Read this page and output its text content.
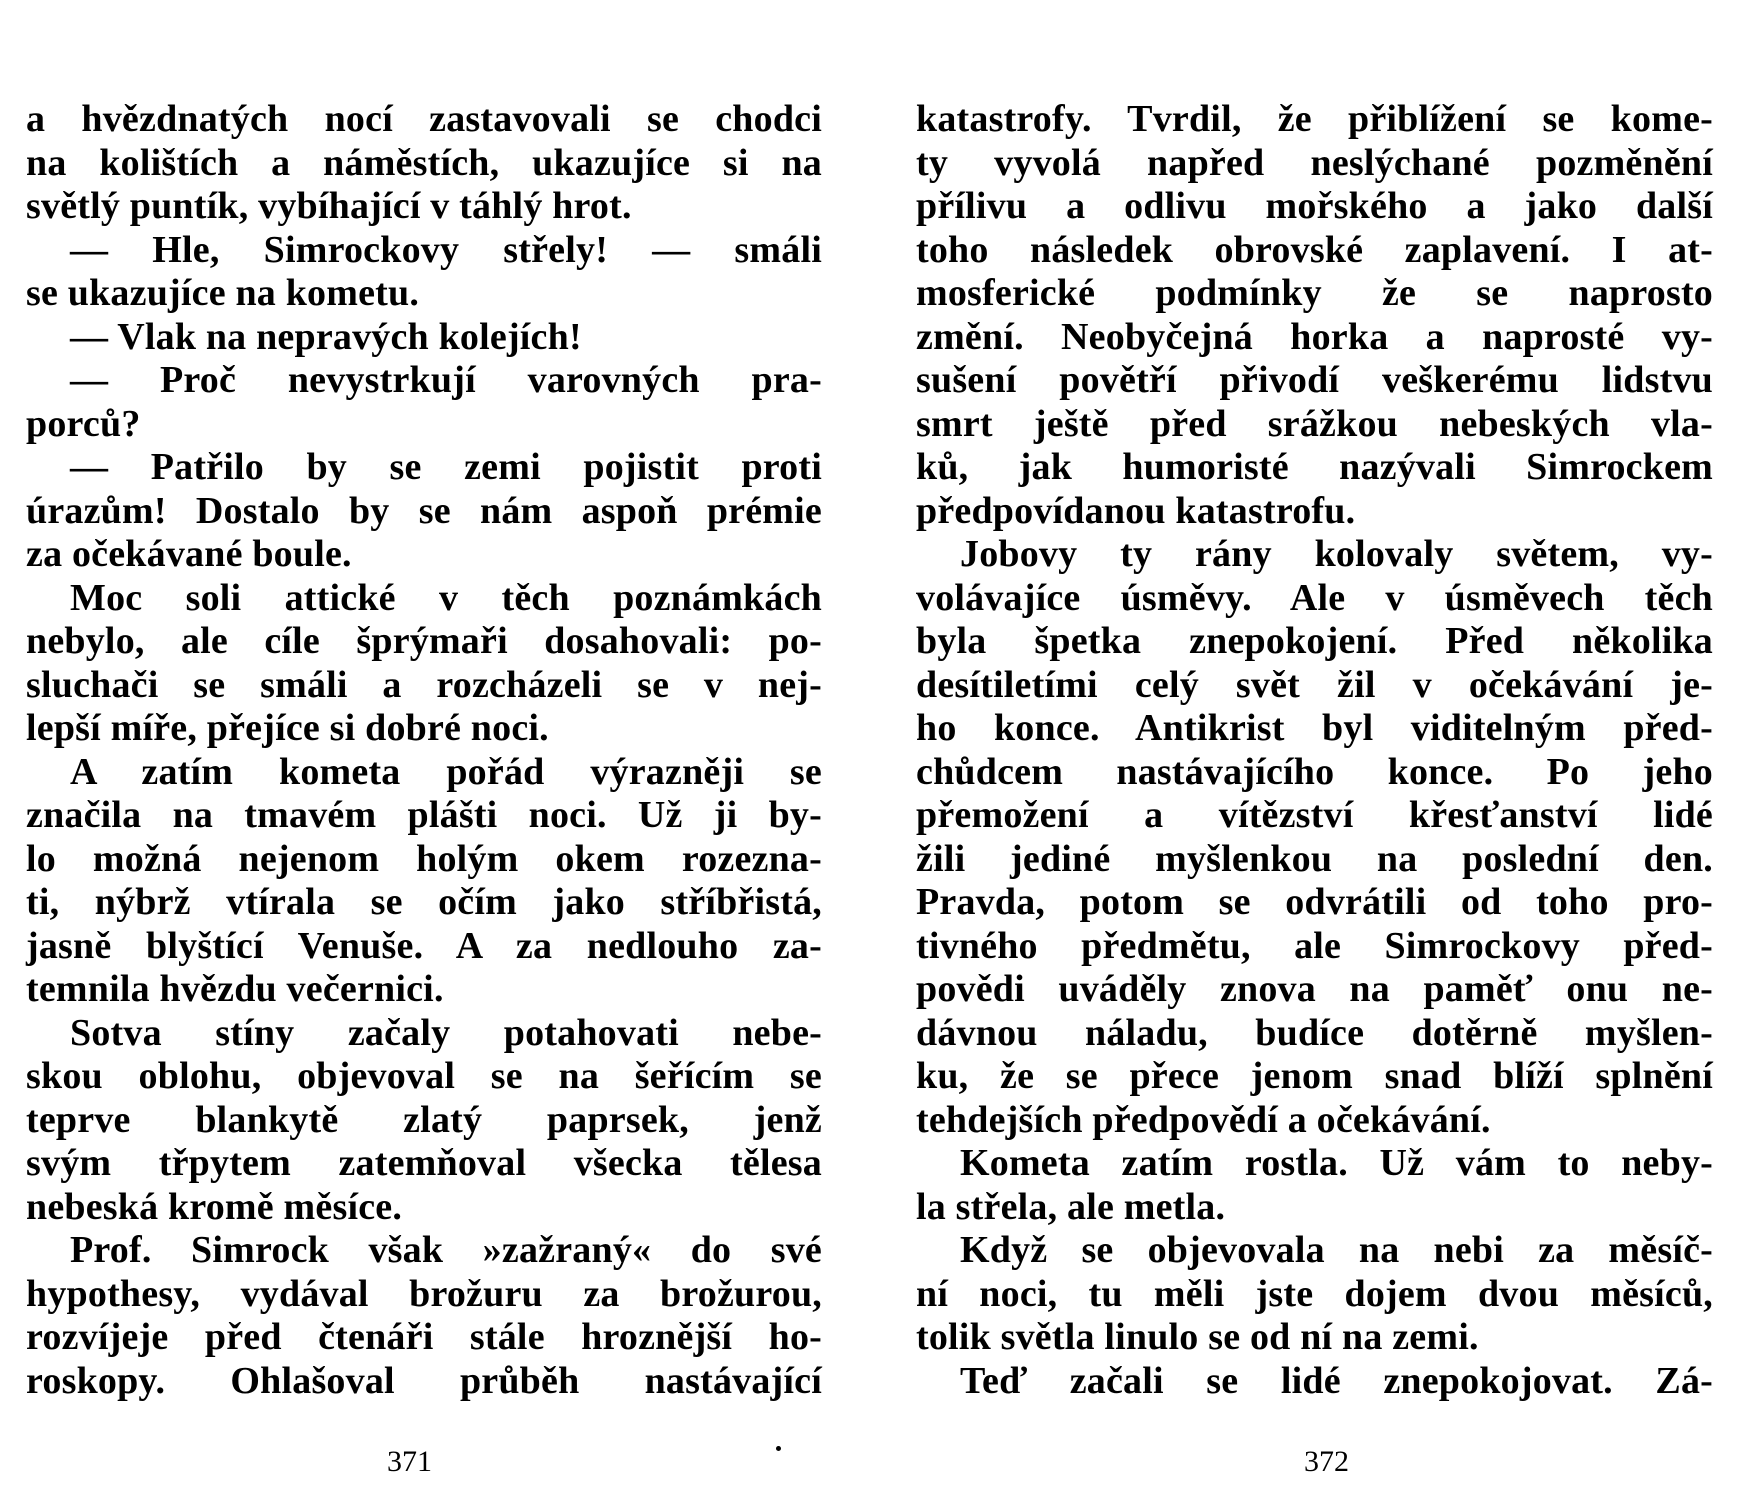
a hvězdnatých nocí zastavovali se chodci
na kolištích a náměstích, ukazujíce si na
světlý puntík, vybíhající v táhlý hrot.
— Hle, Simrockovy střely! — smáli
se ukazujíce na kometu.
— Vlak na nepravých kolejích!
— Proč nevystrkují varovných pra-
porců?
— Patřilo by se zemi pojistit proti
úrazům! Dostalo by se nám aspoň prémie
za očekávané boule.
Moc soli attické v těch poznámkách
nebylo, ale cíle šprýmaři dosahovali: po-
sluchači se smáli a rozcházeli se v nej-
lepší míře, přejíce si dobré noci.
A zatím kometa pořád výrazněji se
značila na tmavém plášti noci. Už ji by-
lo možná nejenom holým okem rozezna-
ti, nýbrž vtírala se očím jako stříbřistá,
jasně blyštící Venuše. A za nedlouho za-
temnila hvězdu večernici.
Sotva stíny začaly potahovati nebe-
skou oblohu, objevoval se na šeřícím se
teprve blankytě zlatý paprsek, jenž
svým třpytem zatemňoval všecka tělesa
nebeská kromě měsíce.
Prof. Simrock však »zažraný« do své
hypothesy, vydával brožuru za brožurou,
rozvíjeje před čtenáři stále hroznější ho-
roskopy. Ohlašoval průběh nastávající
371
katastrofy. Tvrdil, že přiblížení se kome-
ty vyvolá napřed neslýchané pozměnění
přílivu a odlivu mořského a jako další
toho následek obrovské zaplavení. I at-
mosferické podmínky že se naprosto
změní. Neobyčejná horka a naprosté vy-
sušení povětří přivodí veškerému lidstvu
smrt ještě před srážkou nebeských vla-
ků, jak humoristé nazývali Simrockem
předpovídanou katastrofu.
Jobovy ty rány kolovaly světem, vy-
volávajíce úsměvy. Ale v úsměvech těch
byla špetka znepokojení. Před několika
desítiletími celý svět žil v očekávání je-
ho konce. Antikrist byl viditelným před-
chůdcem nastávajícího konce. Po jeho
přemožení a vítězství křesťanství lidé
žili jediné myšlenkou na poslední den.
Pravda, potom se odvrátili od toho pro-
tivného předmětu, ale Simrockovy před-
povědi uváděly znova na paměť onu ne-
dávnou náladu, budíce dotěrně myšlen-
ku, že se přece jenom snad blíží splnění
tehdejších předpovědí a očekávání.
Kometa zatím rostla. Už vám to neby-
la střela, ale metla.
Když se objevovala na nebi za měsíč-
ní noci, tu měli jste dojem dvou měsíců,
tolik světla linulo se od ní na zemi.
Teď začali se lidé znepokojovat. Zá-
372
